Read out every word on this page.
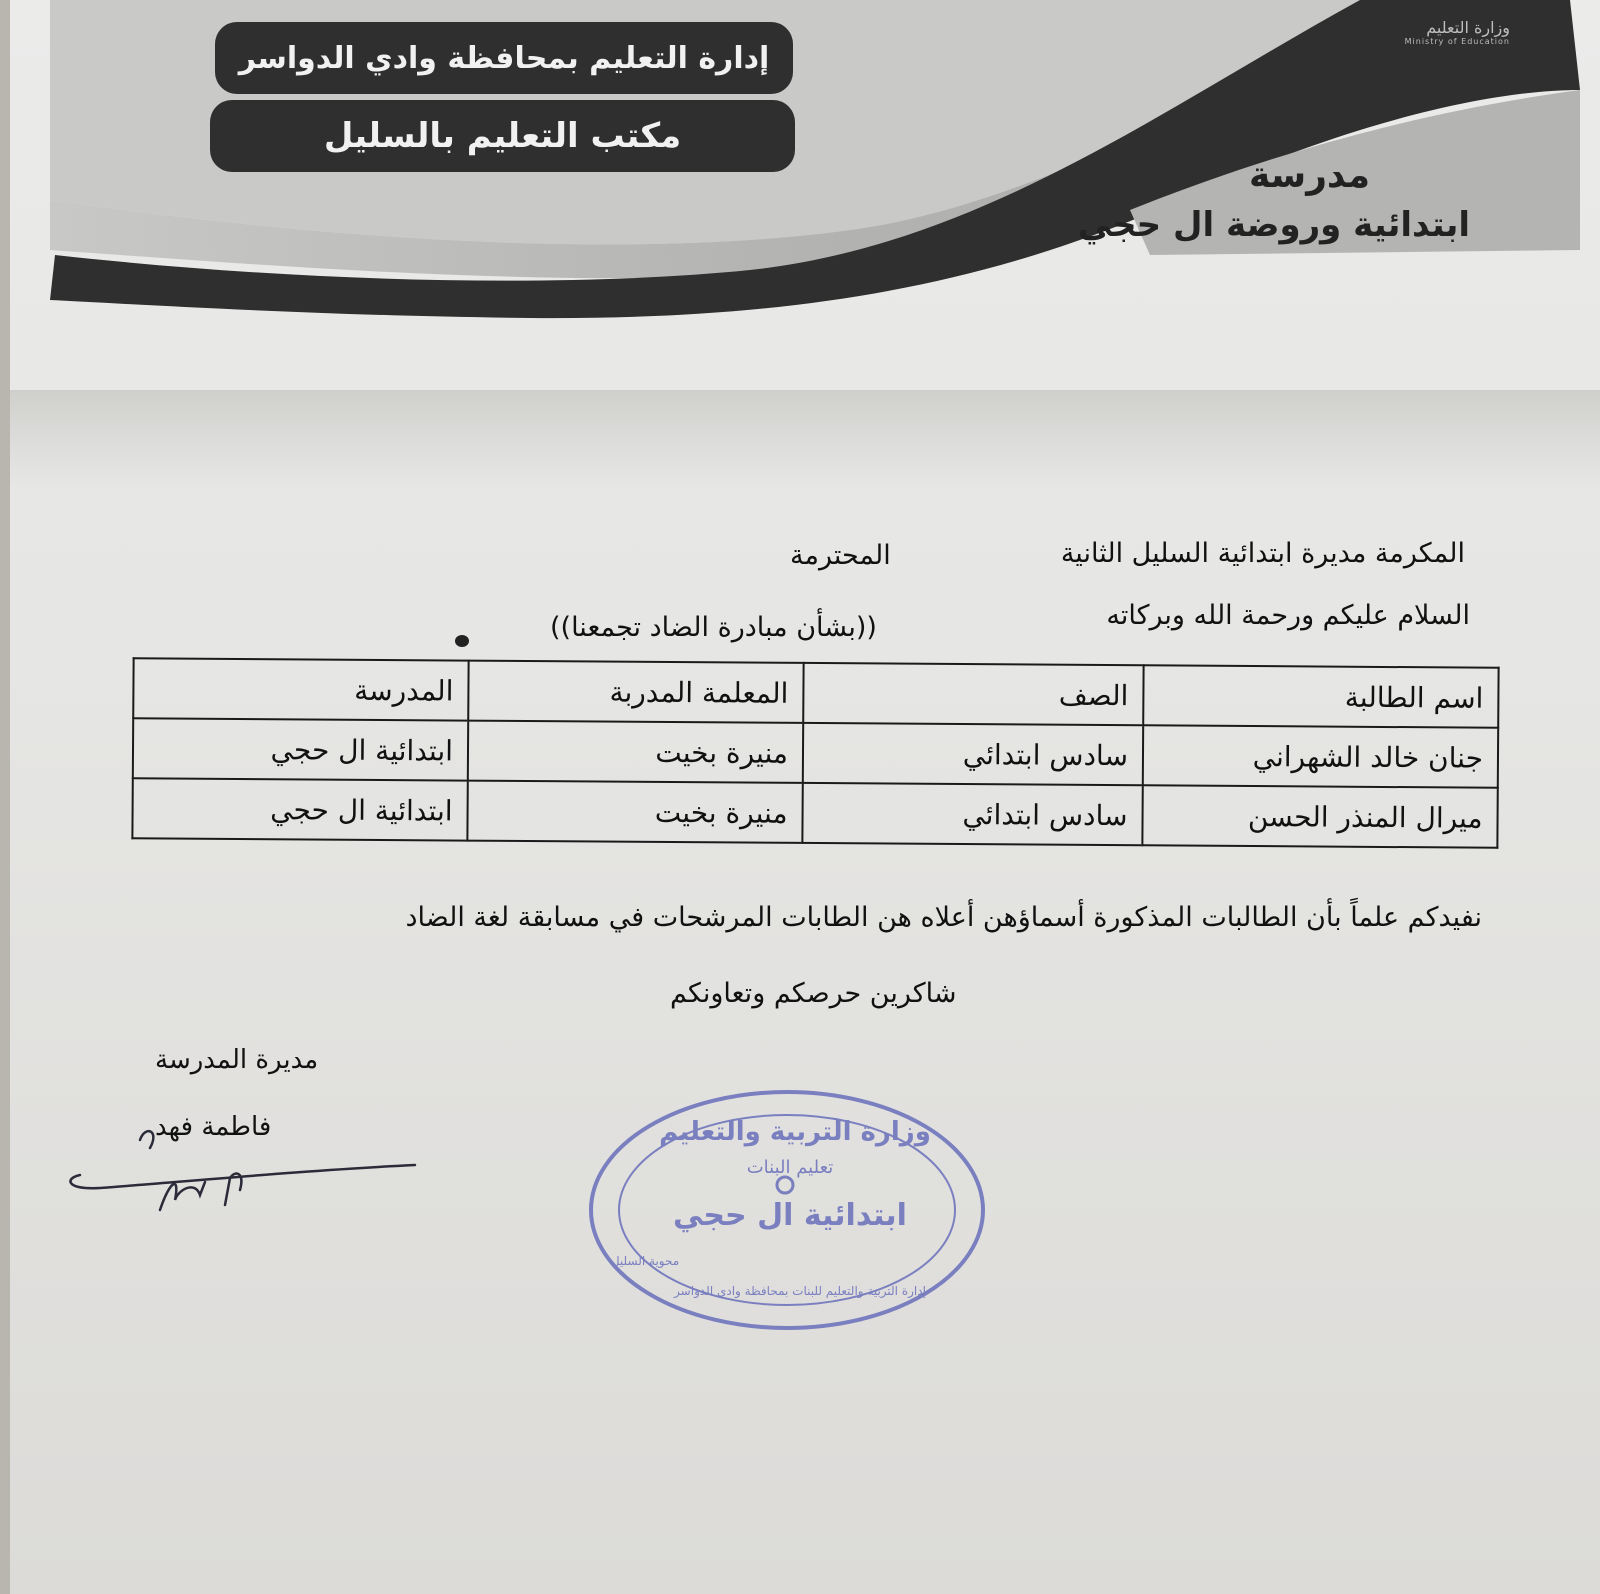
إدارة التعليم بمحافظة وادي الدواسر
مكتب التعليم بالسليل
وزارة التعليم
Ministry of Education
مدرسة
ابتدائية وروضة ال حجي
المكرمة مديرة ابتدائية السليل الثانية
المحترمة
السلام عليكم ورحمة الله وبركاته
((بشأن مبادرة الضاد تجمعنا))
اسم الطالبة	الصف	المعلمة المدربة	المدرسة
جنان خالد الشهراني	سادس ابتدائي	منيرة بخيت	ابتدائية ال حجي
ميرال المنذر الحسن	سادس ابتدائي	منيرة بخيت	ابتدائية ال حجي
نفيدكم علماً بأن الطالبات المذكورة أسماؤهن أعلاه هن الطابات المرشحات في مسابقة لغة الضاد
شاكرين حرصكم وتعاونكم
مديرة المدرسة
فاطمة فهد	وزارة التربية والتعليم
تعليم البنات
ابتدائية ال حجي
إدارة التربية والتعليم للبنات بمحافظة وادي الدواسر
محوية السليل
